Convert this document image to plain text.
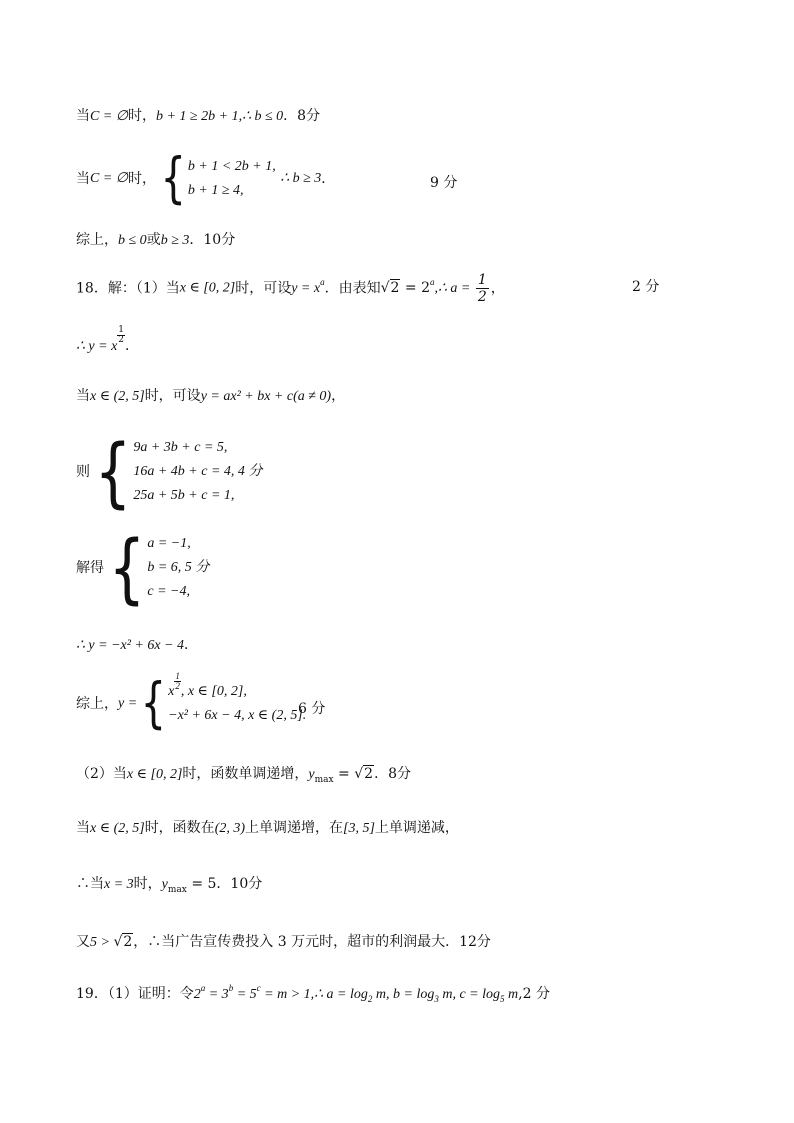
当C = ∅时，b + 1 ≥ 2b + 1,∴ b ≤ 0．8分
当C = ∅时， { b + 1 < 2b + 1,
b + 1 ≥ 4,
∴ b ≥ 3．	9 分
综上，b ≤ 0或b ≥ 3．10分
18．解：（1）当x ∈ [0, 2]时，可设$y = x^a$．由表知$√2 = 2^a,\therefore$ $a = \frac{1}{2}$ ，	2 分
∴ y = x
$\frac{1}{2}$
．
当x ∈ (2, 5]时，可设y = ax² + bx + c(a ≠ 0)，
则 { 9a + 3b + c = 5,
16a + 4b + c = 4, 4 分
25a + 5b + c = 1,
解得 { a = −1,
b = 6, 5 分
c = −4,
∴ y = −x² + 6x − 4．
综上，y = { x
$\frac{1}{2}$
, x ∈ [0, 2],
−x² + 6x − 4, x ∈ (2, 5].
6 分
（2）当x ∈ [0, 2]时，函数单调递增，$y_{max} = √2$．8分
当x ∈ (2, 5]时，函数在(2, 3)上单调递增，在[3, 5]上单调递减，
∴当x = 3时，$y_{max} = 5$．10分
又5 > √2，∴当广告宣传费投入 3 万元时，超市的利润最大．12分
19．（1）证明：令$2^a = 3^b = 5^c = m$ > 1,∴ $a = \log_2 m$, $b = \log_3 m$, $c = \log_5 m,2$ 分
